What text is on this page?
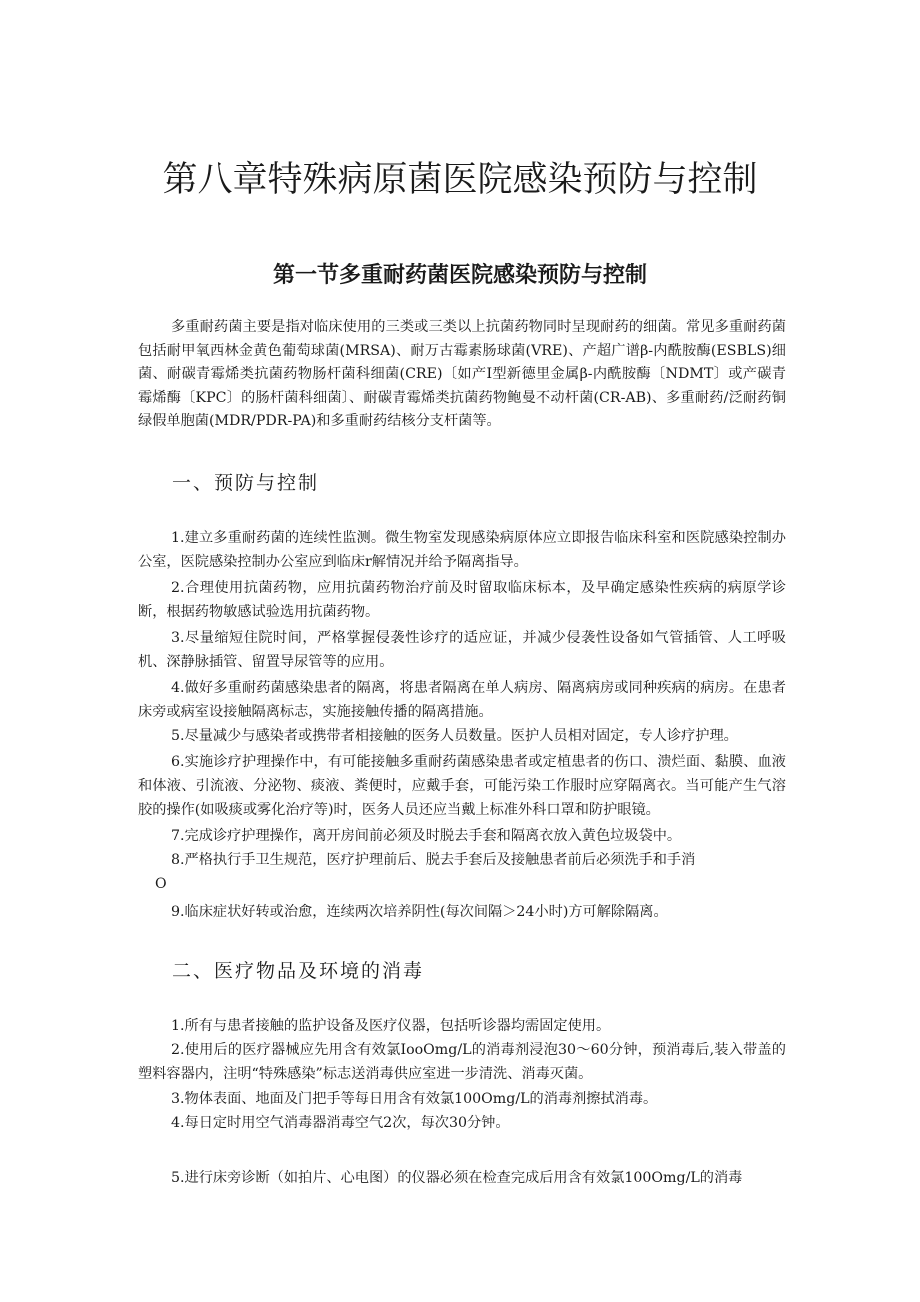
第八章特殊病原菌医院感染预防与控制
第一节多重耐药菌医院感染预防与控制

多重耐药菌主要是指对临床使用的三类或三类以上抗菌药物同时呈现耐药的细菌。常见多重耐药菌包括耐甲氧西林金黄色葡萄球菌(MRSA)、耐万古霉素肠球菌(VRE)、产超广谱β-内酰胺酶(ESBLS)细菌、耐碳青霉烯类抗菌药物肠杆菌科细菌(CRE)〔如产I型新德里金属β-内酰胺酶〔NDMT〕或产碳青霉烯酶〔KPC〕的肠杆菌科细菌〕、耐碳青霉烯类抗菌药物鲍曼不动杆菌(CR-AB)、多重耐药/泛耐药铜绿假单胞菌(MDR/PDR-PA)和多重耐药结核分支杆菌等。

一、预防与控制

1.建立多重耐药菌的连续性监测。微生物室发现感染病原体应立即报告临床科室和医院感染控制办公室，医院感染控制办公室应到临床r解情况并给予隔离指导。

2.合理使用抗菌药物，应用抗菌药物治疗前及时留取临床标本，及早确定感染性疾病的病原学诊断，根据药物敏感试验选用抗菌药物。

3.尽量缩短住院时间，严格掌握侵袭性诊疗的适应证，并减少侵袭性设备如气管插管、人工呼吸机、深静脉插管、留置导尿管等的应用。

4.做好多重耐药菌感染患者的隔离，将患者隔离在单人病房、隔离病房或同种疾病的病房。在患者床旁或病室设接触隔离标志，实施接触传播的隔离措施。

5.尽量减少与感染者或携带者相接触的医务人员数量。医护人员相对固定，专人诊疗护理。

6.实施诊疗护理操作中，有可能接触多重耐药菌感染患者或定植患者的伤口、溃烂面、黏膜、血液和体液、引流液、分泌物、痰液、粪便时，应戴手套，可能污染工作服时应穿隔离衣。当可能产生气溶胶的操作(如吸痰或雾化治疗等)时，医务人员还应当戴上标准外科口罩和防护眼镜。

7.完成诊疗护理操作，离开房间前必须及时脱去手套和隔离衣放入黄色垃圾袋中。

8.严格执行手卫生规范，医疗护理前后、脱去手套后及接触患者前后必须洗手和手消

O

9.临床症状好转或治愈，连续两次培养阴性(每次间隔＞24小时)方可解除隔离。

二、医疗物品及环境的消毒

1.所有与患者接触的监护设备及医疗仪器，包括听诊器均需固定使用。

2.使用后的医疗器械应先用含有效氯IooOmg/L的消毒剂浸泡30～60分钟，预消毒后,装入带盖的塑料容器内，注明“特殊感染”标志送消毒供应室进一步清洗、消毒灭菌。

3.物体表面、地面及门把手等每日用含有效氯100Omg/L的消毒剂擦拭消毒。

4.每日定时用空气消毒器消毒空气2次，每次30分钟。

5.进行床旁诊断（如拍片、心电图）的仪器必须在检查完成后用含有效氯100Omg/L的消毒
